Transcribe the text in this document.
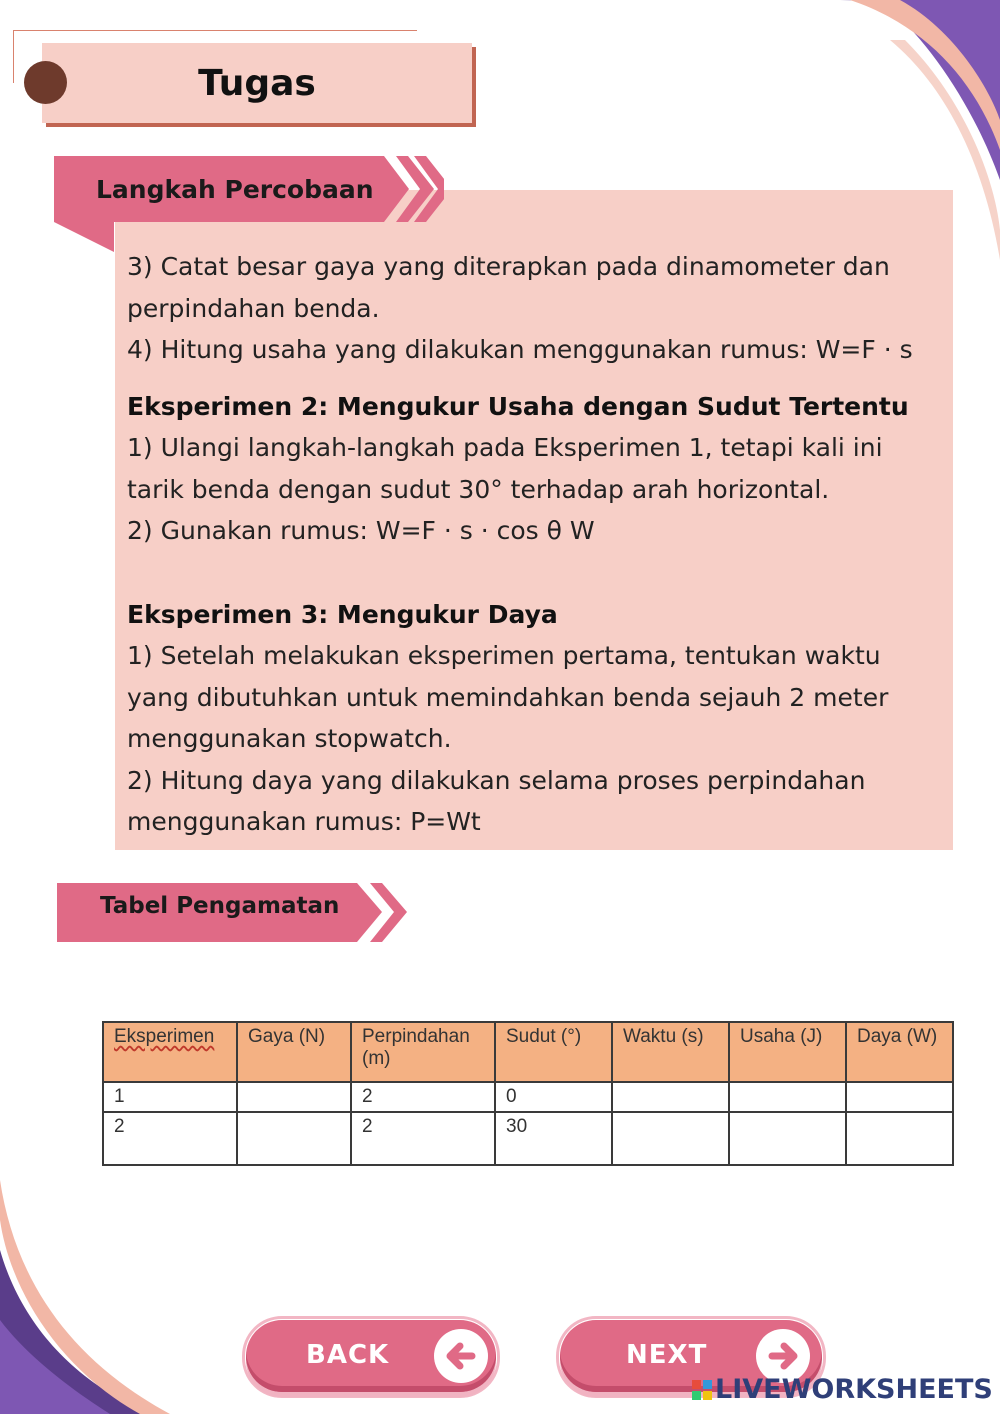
Tugas
Langkah Percobaan

3) Catat besar gaya yang diterapkan pada dinamometer dan perpindahan benda.

4) Hitung usaha yang dilakukan menggunakan rumus: W=F · s

Eksperimen 2: Mengukur Usaha dengan Sudut Tertentu

1) Ulangi langkah-langkah pada Eksperimen 1, tetapi kali ini tarik benda dengan sudut 30° terhadap arah horizontal.

2) Gunakan rumus: W=F · s · cos θ W

Eksperimen 3: Mengukur Daya

1) Setelah melakukan eksperimen pertama, tentukan waktu yang dibutuhkan untuk memindahkan benda sejauh 2 meter menggunakan stopwatch.

2) Hitung daya yang dilakukan selama proses perpindahan menggunakan rumus: P=Wt

Tabel Pengamatan
Eksperimen	Gaya (N)	Perpindahan (m)	Sudut (°)	Waktu (s)	Usaha (J)	Daya (W)
1		2	0			
2		2	30			
BACK	NEXT
LIVEWORKSHEETS
